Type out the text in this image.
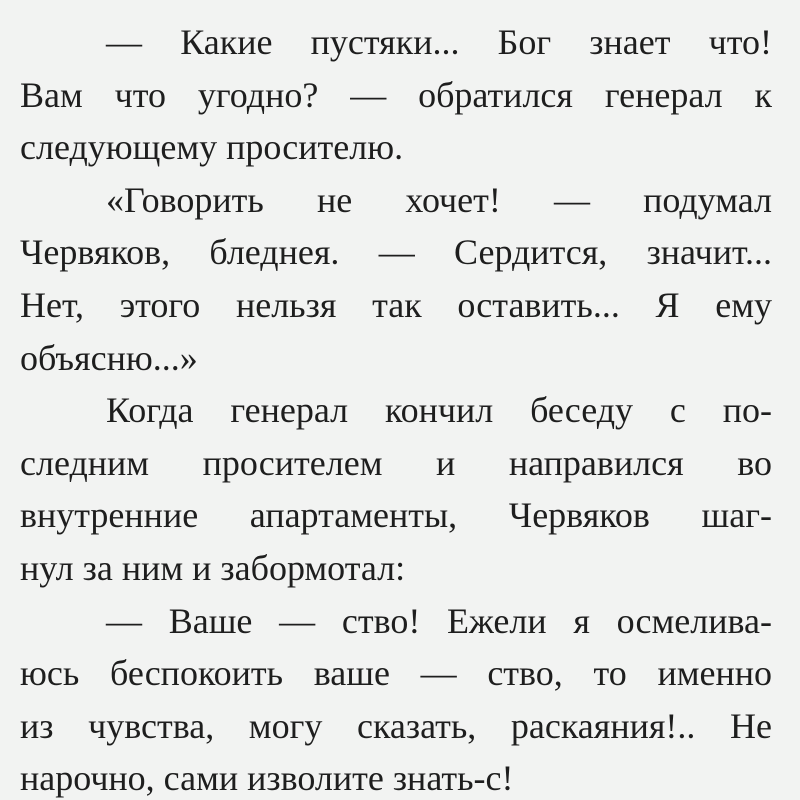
— Какие пустяки... Бог знает что!
Вам что угодно? — обратился генерал к
следующему просителю.
«Говорить не хочет! — подумал
Червяков, бледнея. — Сердится, значит...
Нет, этого нельзя так оставить... Я ему
объясню...»
Когда генерал кончил беседу с по-
следним просителем и направился во
внутренние апартаменты, Червяков шаг-
нул за ним и забормотал:
— Ваше — ство! Ежели я осмелива-
юсь беспокоить ваше — ство, то именно
из чувства, могу сказать, раскаяния!.. Не
нарочно, сами изволите знать-с!
